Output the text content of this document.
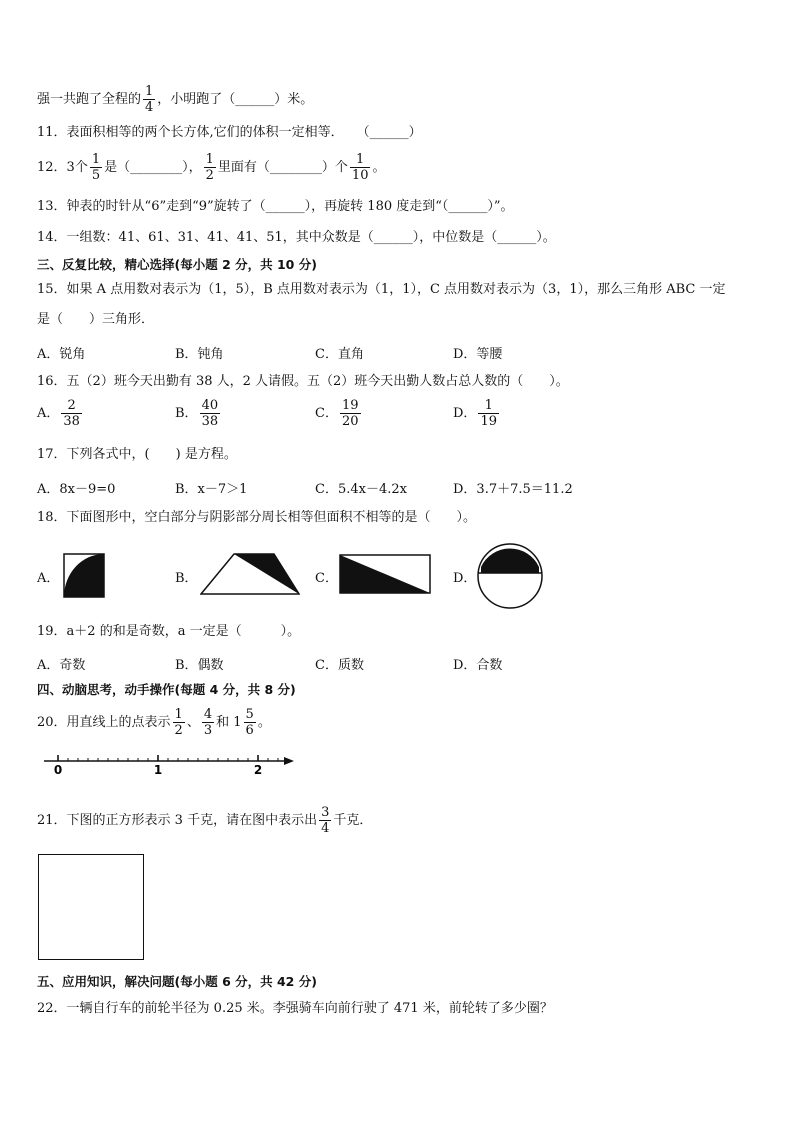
强一共跑了全程的 $\frac{1}{4}$ ，小明跑了（______）米。
11．表面积相等的两个长方体,它们的体积一定相等．　　（______）
12．3个 $\frac{1}{5}$ 是（________）， $\frac{1}{2}$ 里面有（________）个 $\frac{1}{10}$ 。
13．钟表的时针从“6”走到“9”旋转了（______），再旋转 180 度走到“（______）”。
14．一组数：41、61、31、41、41、51，其中众数是（______），中位数是（______）。
三、反复比较，精心选择(每小题 2 分，共 10 分)
15．如果 A 点用数对表示为（1，5），B 点用数对表示为（1，1），C 点用数对表示为（3，1），那么三角形 ABC 一定
是（　　）三角形．
A．锐角	B．钝角	C．直角	D．等腰
16．五（2）班今天出勤有 38 人，2 人请假。五（2）班今天出勤人数占总人数的（　　）。
A． $\frac{2}{38}$	B． $\frac{40}{38}$	C． $\frac{19}{20}$	D． $\frac{1}{19}$
17．下列各式中，(　　) 是方程。
A．8x－9=0	B．x－7＞1	C．5.4x－4.2x	D．3.7＋7.5＝11.2
18．下面图形中，空白部分与阴影部分周长相等但面积不相等的是（　　）。
A．	B．	C．	D．
19．a＋2 的和是奇数，a 一定是（　　　）。
A．奇数	B．偶数	C．质数	D．合数
四、动脑思考，动手操作(每题 4 分，共 8 分)
20．用直线上的点表示 $\frac{1}{2}$ 、 $\frac{4}{3}$ 和 $1 \frac{5}{6}$ 。
0	1	2
21．下图的正方形表示 3 千克，请在图中表示出 $\frac{3}{4}$ 千克．
五、应用知识，解决问题(每小题 6 分，共 42 分)
22．一辆自行车的前轮半径为 0.25 米。李强骑车向前行驶了 471 米，前轮转了多少圈？
